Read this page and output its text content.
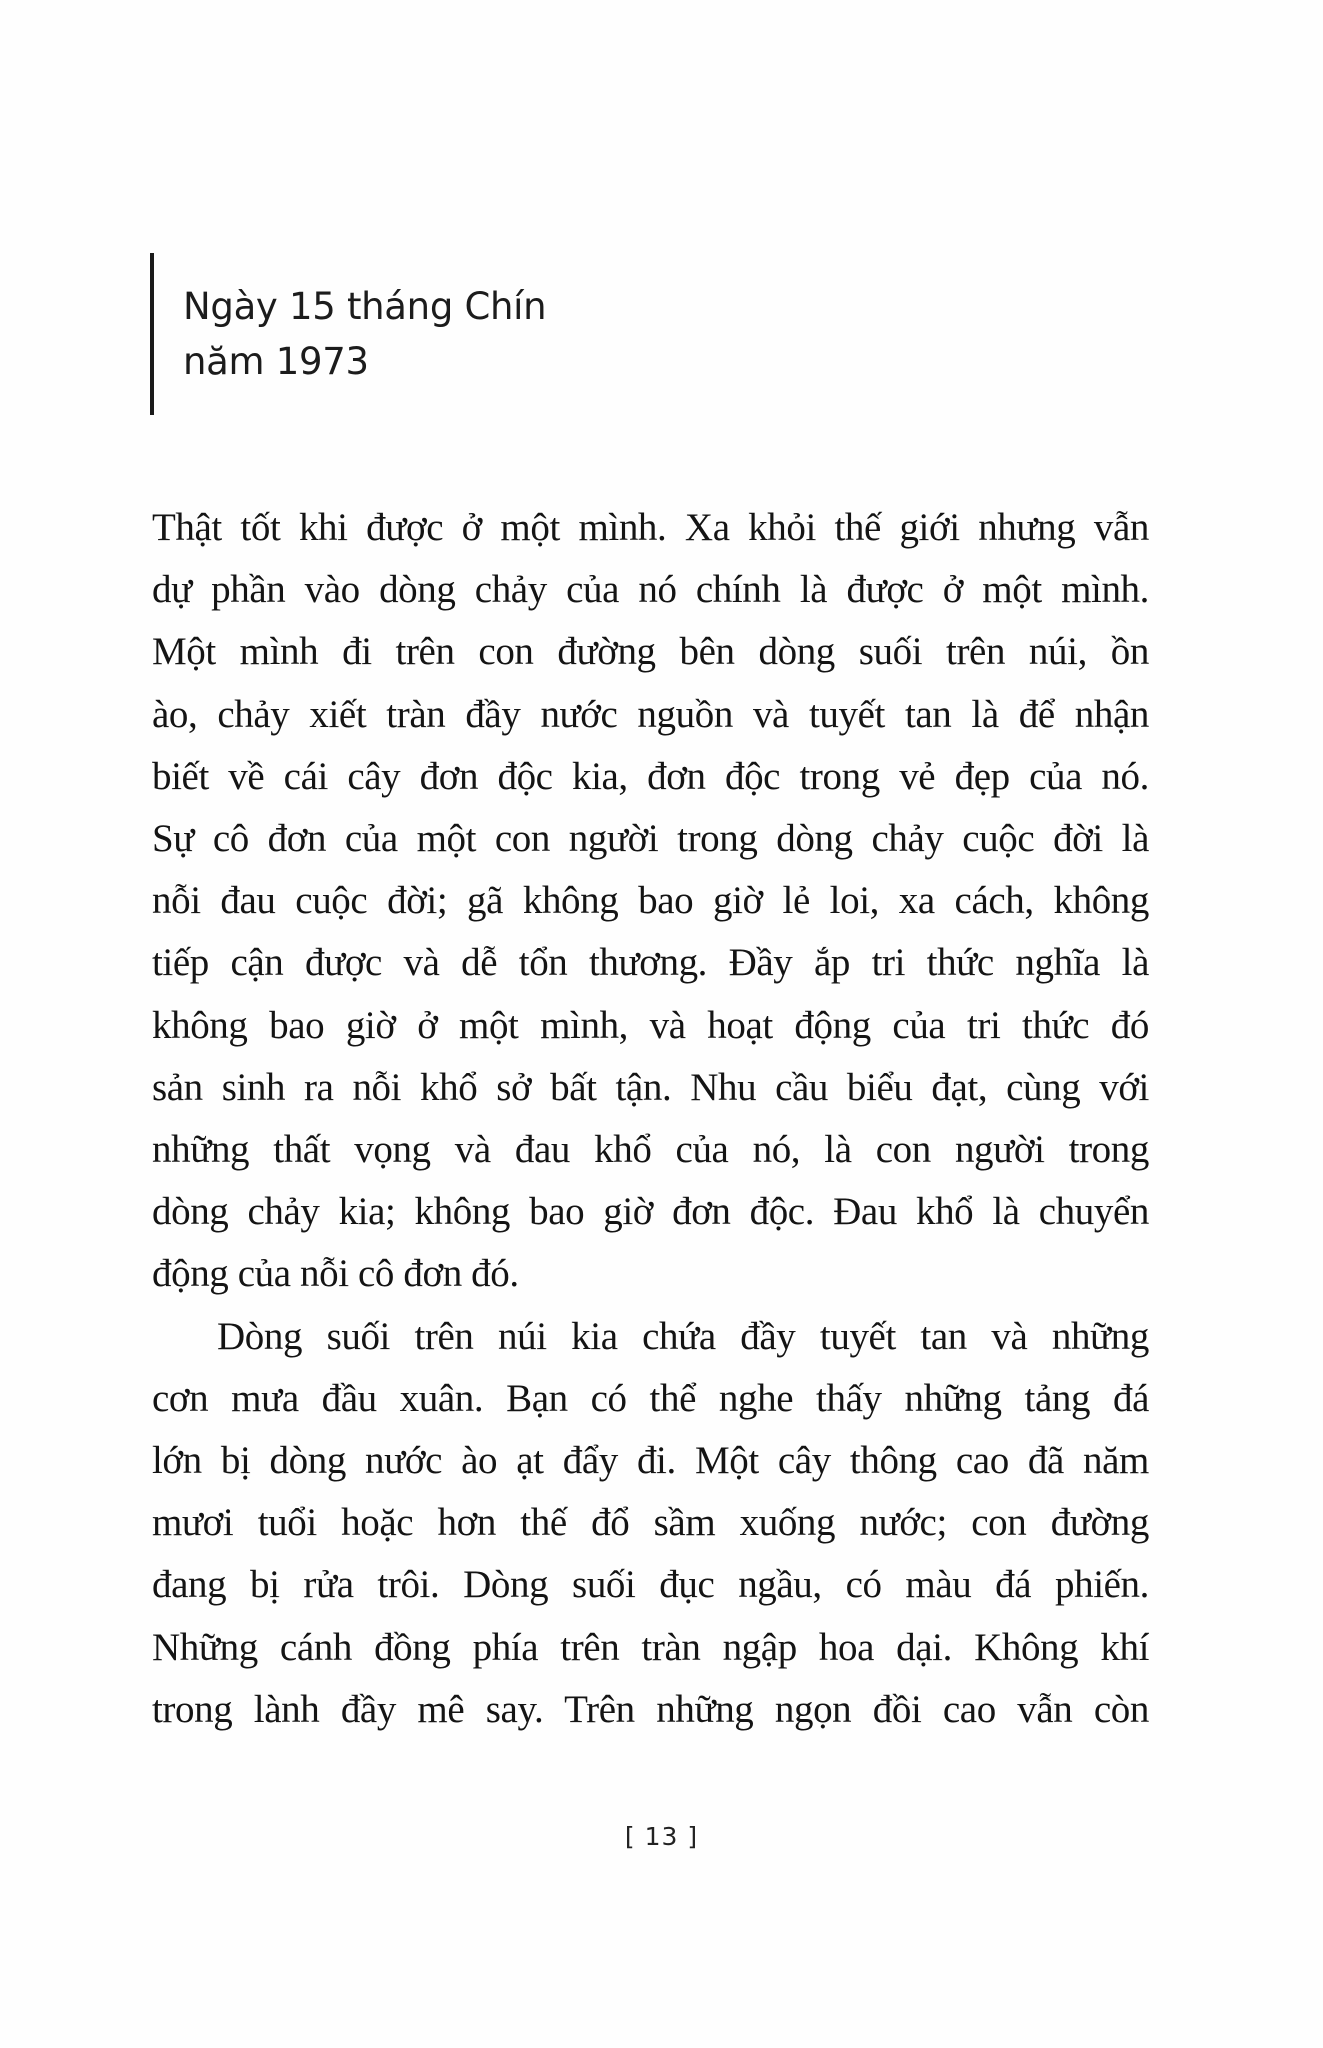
Ngày 15 tháng Chín
năm 1973
Thật tốt khi được ở một mình. Xa khỏi thế giới nhưng vẫn
dự phần vào dòng chảy của nó chính là được ở một mình.
Một mình đi trên con đường bên dòng suối trên núi, ồn
ào, chảy xiết tràn đầy nước nguồn và tuyết tan là để nhận
biết về cái cây đơn độc kia, đơn độc trong vẻ đẹp của nó.
Sự cô đơn của một con người trong dòng chảy cuộc đời là
nỗi đau cuộc đời; gã không bao giờ lẻ loi, xa cách, không
tiếp cận được và dễ tổn thương. Đầy ắp tri thức nghĩa là
không bao giờ ở một mình, và hoạt động của tri thức đó
sản sinh ra nỗi khổ sở bất tận. Nhu cầu biểu đạt, cùng với
những thất vọng và đau khổ của nó, là con người trong
dòng chảy kia; không bao giờ đơn độc. Đau khổ là chuyển
động của nỗi cô đơn đó.
Dòng suối trên núi kia chứa đầy tuyết tan và những
cơn mưa đầu xuân. Bạn có thể nghe thấy những tảng đá
lớn bị dòng nước ào ạt đẩy đi. Một cây thông cao đã năm
mươi tuổi hoặc hơn thế đổ sầm xuống nước; con đường
đang bị rửa trôi. Dòng suối đục ngầu, có màu đá phiến.
Những cánh đồng phía trên tràn ngập hoa dại. Không khí
trong lành đầy mê say. Trên những ngọn đồi cao vẫn còn
[ 13 ]
